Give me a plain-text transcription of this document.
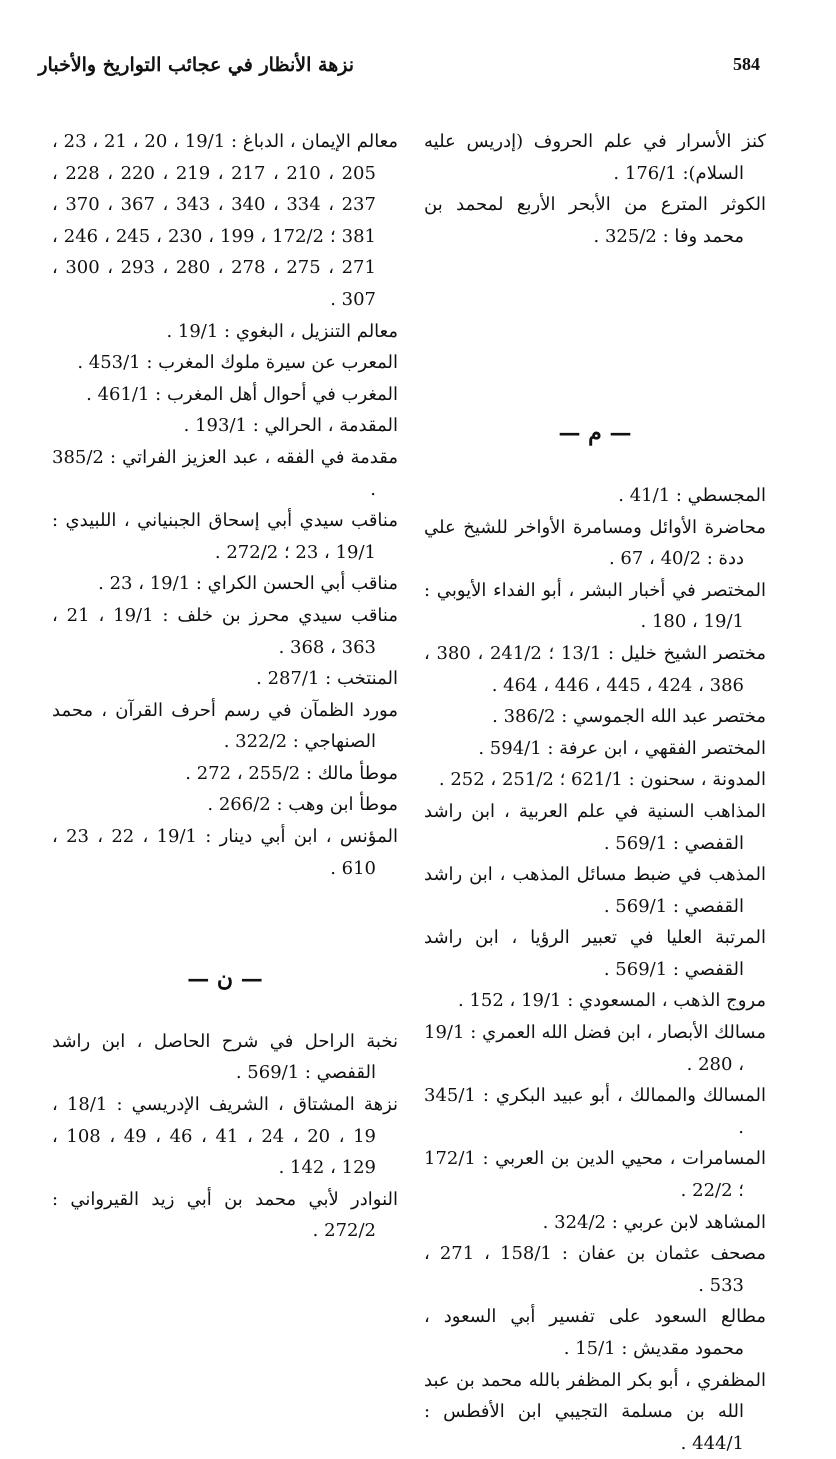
584
نزهة الأنظار في عجائب التواريخ والأخبار

كنز الأسرار في علم الحروف (إدريس عليه السلام): 176/1 .

الكوثر المترع من الأبحر الأربع لمحمد بن محمد وفا : 325/2 .

— م —

المجسطي : 41/1 .

محاضرة الأوائل ومسامرة الأواخر للشيخ علي ددة : 40/2 ، 67 .

المختصر في أخبار البشر ، أبو الفداء الأيوبي : 19/1 ، 180 .

مختصر الشيخ خليل : 13/1 ؛ 241/2 ، 380 ، 386 ، 424 ، 445 ، 446 ، 464 .

مختصر عبد الله الجموسي : 386/2 .

المختصر الفقهي ، ابن عرفة : 594/1 .

المدونة ، سحنون : 621/1 ؛ 251/2 ، 252 .

المذاهب السنية في علم العربية ، ابن راشد القفصي : 569/1 .

المذهب في ضبط مسائل المذهب ، ابن راشد القفصي : 569/1 .

المرتبة العليا في تعبير الرؤيا ، ابن راشد القفصي : 569/1 .

مروج الذهب ، المسعودي : 19/1 ، 152 .

مسالك الأبصار ، ابن فضل الله العمري : 19/1 ، 280 .

المسالك والممالك ، أبو عبيد البكري : 345/1 .

المسامرات ، محيي الدين بن العربي : 172/1 ؛ 22/2 .

المشاهد لابن عربي : 324/2 .

مصحف عثمان بن عفان : 158/1 ، 271 ، 533 .

مطالع السعود على تفسير أبي السعود ، محمود مقديش : 15/1 .

المظفري ، أبو بكر المظفر بالله محمد بن عبد الله بن مسلمة التجيبي ابن الأفطس : 444/1 .

معالم الإيمان ، الدباغ : 19/1 ، 20 ، 21 ، 23 ، 205 ، 210 ، 217 ، 219 ، 220 ، 228 ، 237 ، 334 ، 340 ، 343 ، 367 ، 370 ، 381 ؛ 172/2 ، 199 ، 230 ، 245 ، 246 ، 271 ، 275 ، 278 ، 280 ، 293 ، 300 ، 307 .

معالم التنزيل ، البغوي : 19/1 .

المعرب عن سيرة ملوك المغرب : 453/1 .

المغرب في أحوال أهل المغرب : 461/1 .

المقدمة ، الحرالي : 193/1 .

مقدمة في الفقه ، عبد العزيز الفراتي : 385/2 .

مناقب سيدي أبي إسحاق الجبنياني ، اللبيدي : 19/1 ، 23 ؛ 272/2 .

مناقب أبي الحسن الكراي : 19/1 ، 23 .

مناقب سيدي محرز بن خلف : 19/1 ، 21 ، 363 ، 368 .

المنتخب : 287/1 .

مورد الظمآن في رسم أحرف القرآن ، محمد الصنهاجي : 322/2 .

موطأ مالك : 255/2 ، 272 .

موطأ ابن وهب : 266/2 .

المؤنس ، ابن أبي دينار : 19/1 ، 22 ، 23 ، 610 .

— ن —

نخبة الراحل في شرح الحاصل ، ابن راشد القفصي : 569/1 .

نزهة المشتاق ، الشريف الإدريسي : 18/1 ، 19 ، 20 ، 24 ، 41 ، 46 ، 49 ، 108 ، 129 ، 142 .

النوادر لأبي محمد بن أبي زيد القيرواني : 272/2 .
